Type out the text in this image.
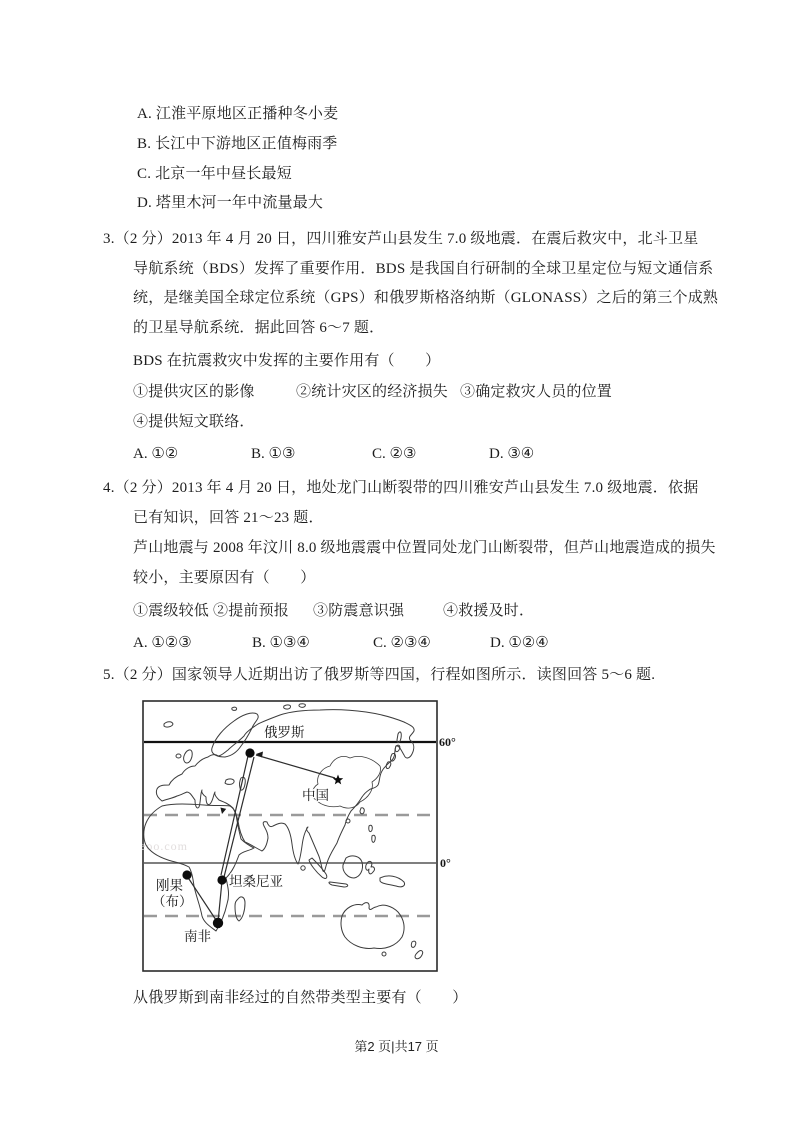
A. 江淮平原地区正播种冬小麦
B. 长江中下游地区正值梅雨季
C. 北京一年中昼长最短
D. 塔里木河一年中流量最大
3.（2 分）2013 年 4 月 20 日，四川雅安芦山县发生 7.0 级地震．在震后救灾中，北斗卫星
导航系统（BDS）发挥了重要作用．BDS 是我国自行研制的全球卫星定位与短文通信系
统，是继美国全球定位系统（GPS）和俄罗斯格洛纳斯（GLONASS）之后的第三个成熟
的卫星导航系统．据此回答 6～7 题．
BDS 在抗震救灾中发挥的主要作用有（　　）
①提供灾区的影像	②统计灾区的经济损失 ③确定救灾人员的位置
④提供短文联络．
A. ①②	B. ①③	C. ②③	D. ③④
4.（2 分）2013 年 4 月 20 日，地处龙门山断裂带的四川雅安芦山县发生 7.0 级地震．依据
已有知识，回答 21～23 题．
芦山地震与 2008 年汶川 8.0 级地震震中位置同处龙门山断裂带，但芦山地震造成的损失
较小，主要原因有（　　）
①震级较低 ②提前预报 ③防震意识强	④救援及时．
A. ①②③	B. ①③④	C. ②③④	D. ①②④
5.（2 分）国家领导人近期出访了俄罗斯等四国，行程如图所示．读图回答 5～6 题.
60°
0°
eoo.com
俄罗斯
中国
刚果
（布）
坦桑尼亚
南非
从俄罗斯到南非经过的自然带类型主要有（　　）
第2 页|共17 页
